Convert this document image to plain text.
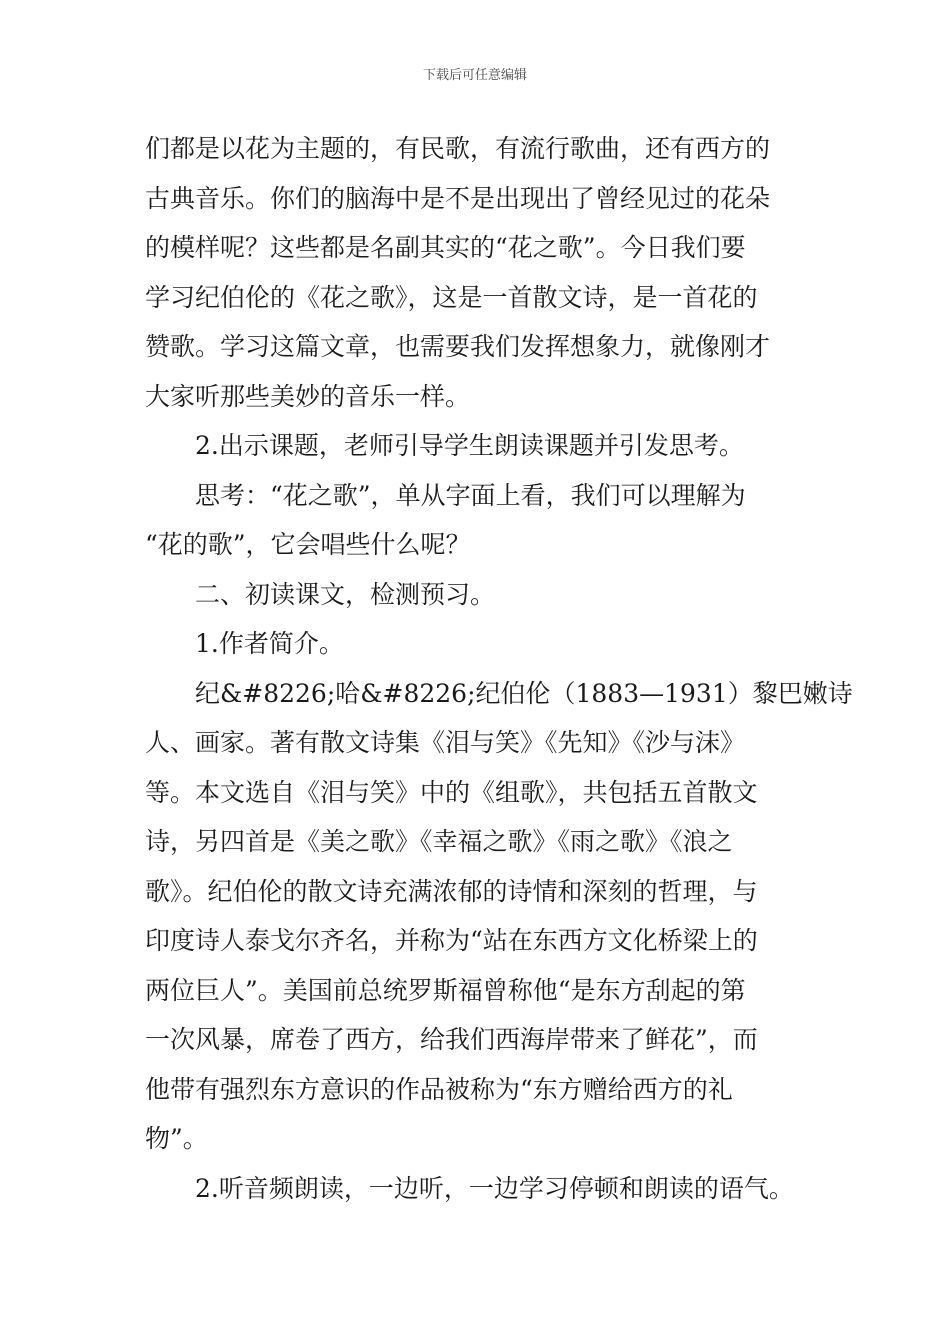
下载后可任意编辑
们都是以花为主题的，有民歌，有流行歌曲，还有西方的
古典音乐。你们的脑海中是不是出现出了曾经见过的花朵
的模样呢？这些都是名副其实的“花之歌”。今日我们要
学习纪伯伦的《花之歌》，这是一首散文诗，是一首花的
赞歌。学习这篇文章，也需要我们发挥想象力，就像刚才
大家听那些美妙的音乐一样。
2.出示课题，老师引导学生朗读课题并引发思考。
思考：“花之歌”，单从字面上看，我们可以理解为
“花的歌”，它会唱些什么呢？
二、初读课文，检测预习。
1.作者简介。
纪&#8226;哈&#8226;纪伯伦（1883—1931）黎巴嫩诗
人、画家。著有散文诗集《泪与笑》《先知》《沙与沫》
等。本文选自《泪与笑》中的《组歌》，共包括五首散文
诗，另四首是《美之歌》《幸福之歌》《雨之歌》《浪之
歌》。纪伯伦的散文诗充满浓郁的诗情和深刻的哲理，与
印度诗人泰戈尔齐名，并称为“站在东西方文化桥梁上的
两位巨人”。美国前总统罗斯福曾称他“是东方刮起的第
一次风暴，席卷了西方，给我们西海岸带来了鲜花”，而
他带有强烈东方意识的作品被称为“东方赠给西方的礼
物”。
2.听音频朗读，一边听，一边学习停顿和朗读的语气。
